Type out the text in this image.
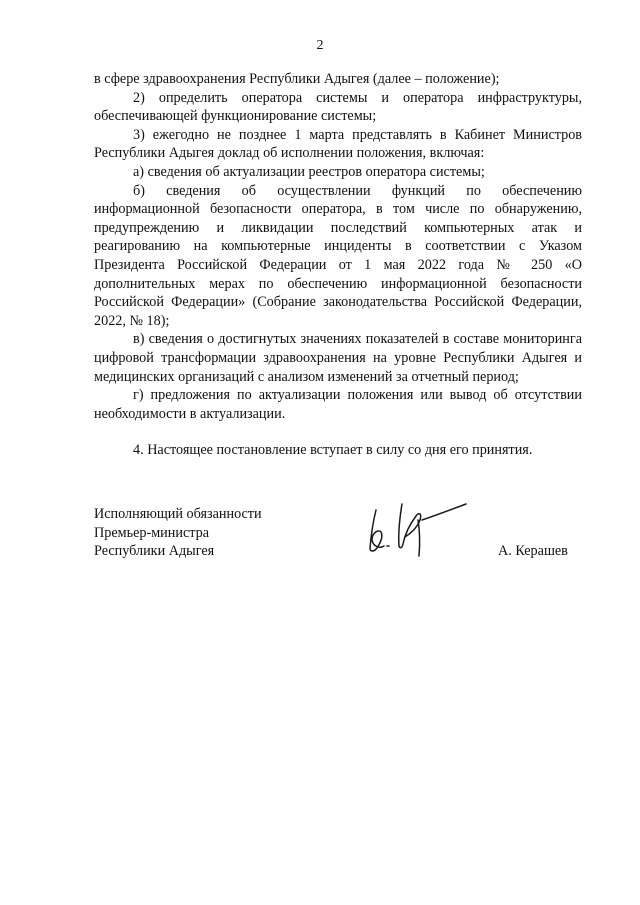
2

в сфере здравоохранения Республики Адыгея (далее – положение);

2) определить оператора системы и оператора инфраструктуры, обеспечивающей функционирование системы;

3) ежегодно не позднее 1 марта представлять в Кабинет Министров Республики Адыгея доклад об исполнении положения, включая:

а) сведения об актуализации реестров оператора системы;

б) сведения об осуществлении функций по обеспечению информационной безопасности оператора, в том числе по обнаружению, предупреждению и ликвидации последствий компьютерных атак и реагированию на компьютерные инциденты в соответствии с Указом Президента Российской Федерации от 1 мая 2022 года № 250 «О дополнительных мерах по обеспечению информационной безопасности Российской Федерации» (Собрание законодательства Российской Федерации, 2022, № 18);

в) сведения о достигнутых значениях показателей в составе мониторинга цифровой трансформации здравоохранения на уровне Республики Адыгея и медицинских организаций с анализом изменений за отчетный период;

г) предложения по актуализации положения или вывод об отсутствии необходимости в актуализации.

4. Настоящее постановление вступает в силу со дня его принятия.

Исполняющий обязанности
Премьер-министра
Республики Адыгея	А. Керашев
